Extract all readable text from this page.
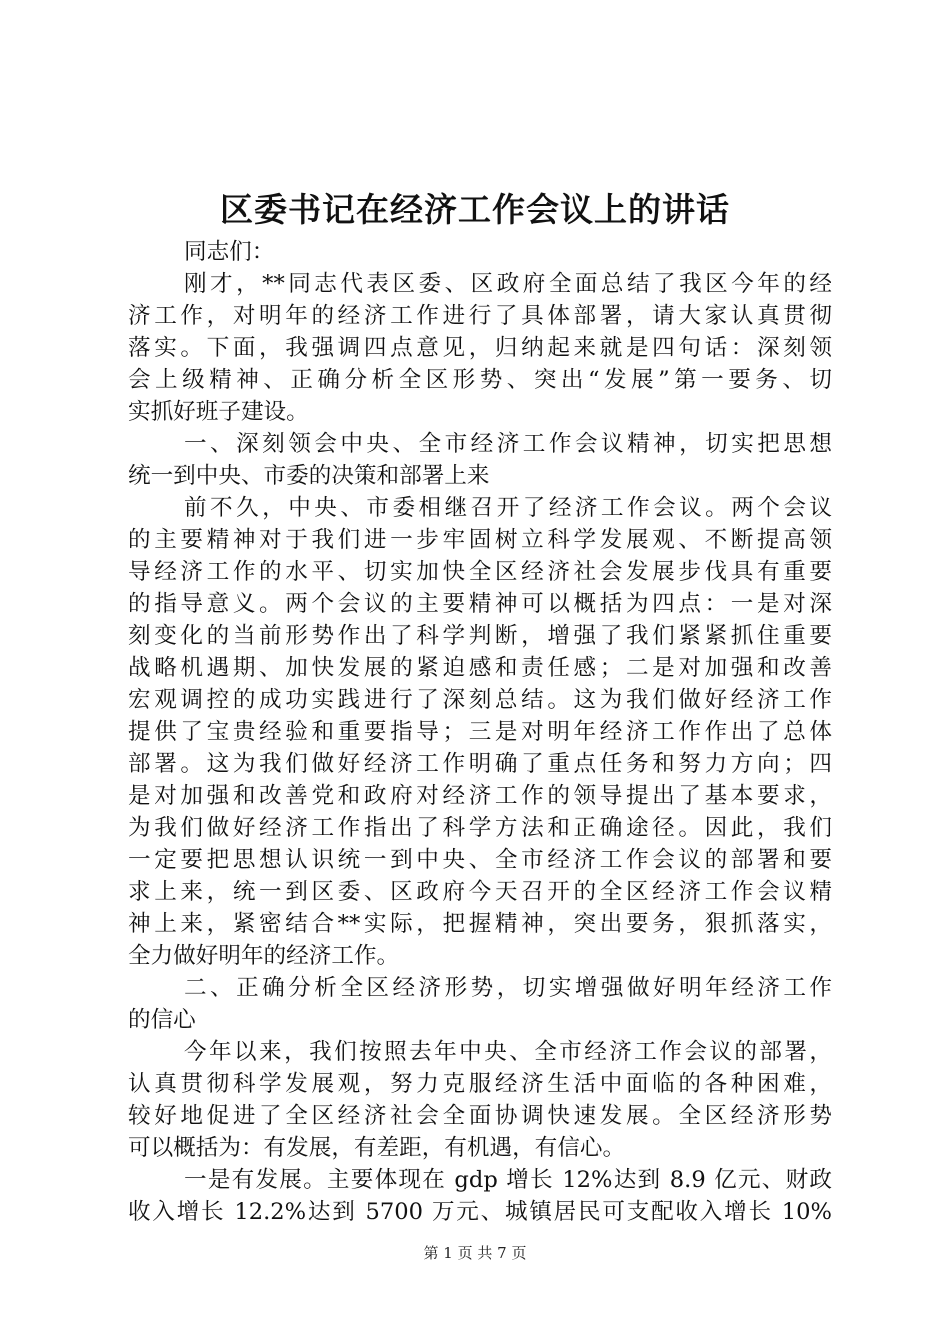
区委书记在经济工作会议上的讲话
同志们：
刚才，**同志代表区委、区政府全面总结了我区今年的经
济工作，对明年的经济工作进行了具体部署，请大家认真贯彻
落实。下面，我强调四点意见，归纳起来就是四句话：深刻领
会上级精神、正确分析全区形势、突出“发展”第一要务、切
实抓好班子建设。
一、深刻领会中央、全市经济工作会议精神，切实把思想
统一到中央、市委的决策和部署上来
前不久，中央、市委相继召开了经济工作会议。两个会议
的主要精神对于我们进一步牢固树立科学发展观、不断提高领
导经济工作的水平、切实加快全区经济社会发展步伐具有重要
的指导意义。两个会议的主要精神可以概括为四点：一是对深
刻变化的当前形势作出了科学判断，增强了我们紧紧抓住重要
战略机遇期、加快发展的紧迫感和责任感；二是对加强和改善
宏观调控的成功实践进行了深刻总结。这为我们做好经济工作
提供了宝贵经验和重要指导；三是对明年经济工作作出了总体
部署。这为我们做好经济工作明确了重点任务和努力方向；四
是对加强和改善党和政府对经济工作的领导提出了基本要求，
为我们做好经济工作指出了科学方法和正确途径。因此，我们
一定要把思想认识统一到中央、全市经济工作会议的部署和要
求上来，统一到区委、区政府今天召开的全区经济工作会议精
神上来，紧密结合**实际，把握精神，突出要务，狠抓落实，
全力做好明年的经济工作。
二、正确分析全区经济形势，切实增强做好明年经济工作
的信心
今年以来，我们按照去年中央、全市经济工作会议的部署，
认真贯彻科学发展观，努力克服经济生活中面临的各种困难，
较好地促进了全区经济社会全面协调快速发展。全区经济形势
可以概括为：有发展，有差距，有机遇，有信心。
一是有发展。主要体现在 gdp 增长 12%达到 8.9 亿元、财政
收入增长 12.2%达到 5700 万元、城镇居民可支配收入增长 10%
第 1 页 共 7 页
